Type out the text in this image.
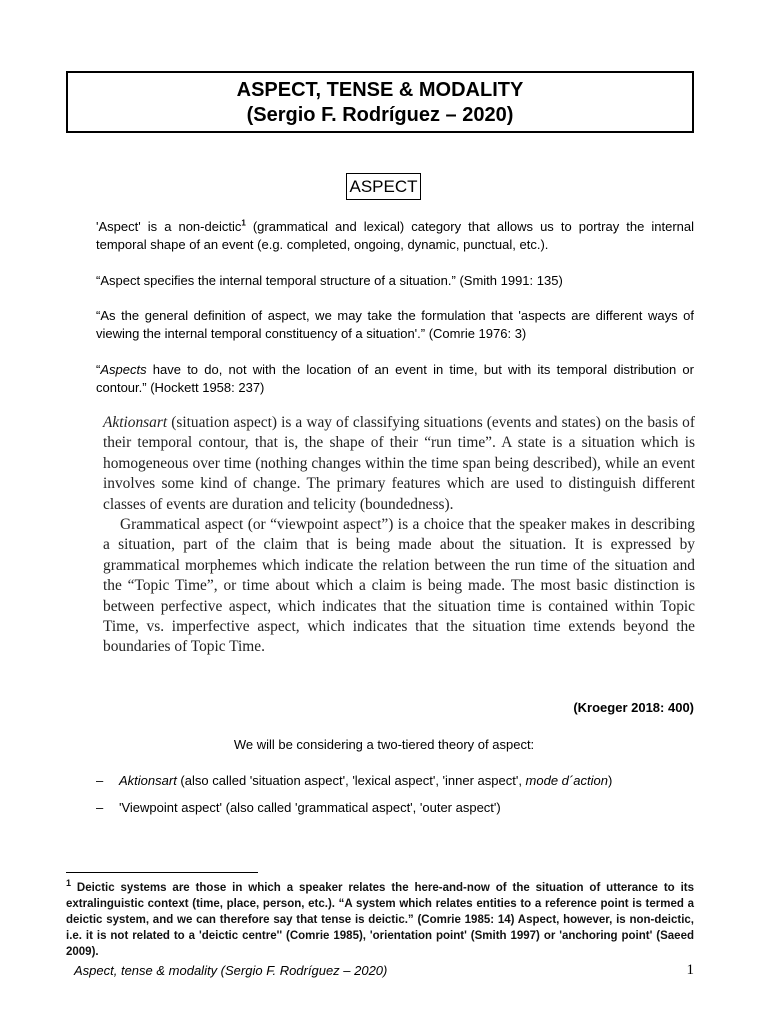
ASPECT, TENSE & MODALITY
(Sergio F. Rodríguez – 2020)
ASPECT
'Aspect' is a non-deictic$^1$ (grammatical and lexical) category that allows us to portray the internal temporal shape of an event (e.g. completed, ongoing, dynamic, punctual, etc.).
“Aspect specifies the internal temporal structure of a situation.” (Smith 1991: 135)
“As the general definition of aspect, we may take the formulation that 'aspects are different ways of viewing the internal temporal constituency of a situation'.” (Comrie 1976: 3)
“Aspects have to do, not with the location of an event in time, but with its temporal distribution or contour.” (Hockett 1958: 237)

Aktionsart (situation aspect) is a way of classifying situations (events and states) on the basis of their temporal contour, that is, the shape of their “run time”. A state is a situation which is homogeneous over time (nothing changes within the time span being described), while an event involves some kind of change. The primary features which are used to distinguish different classes of events are duration and telicity (boundedness).

Grammatical aspect (or “viewpoint aspect”) is a choice that the speaker makes in describing a situation, part of the claim that is being made about the situation. It is expressed by grammatical morphemes which indicate the relation between the run time of the situation and the “Topic Time”, or time about which a claim is being made. The most basic distinction is between perfective aspect, which indicates that the situation time is contained within Topic Time, vs. imperfective aspect, which indicates that the situation time extends beyond the boundaries of Topic Time.

(Kroeger 2018: 400)
We will be considering a two-tiered theory of aspect:
– Aktionsart (also called 'situation aspect', 'lexical aspect', 'inner aspect', mode d´action)
– 'Viewpoint aspect' (also called 'grammatical aspect', 'outer aspect')
$^1$ Deictic systems are those in which a speaker relates the here-and-now of the situation of utterance to its extralinguistic context (time, place, person, etc.). “A system which relates entities to a reference point is termed a deictic system, and we can therefore say that tense is deictic.” (Comrie 1985: 14) Aspect, however, is non-deictic, i.e. it is not related to a 'deictic centre'' (Comrie 1985), 'orientation point' (Smith 1997) or 'anchoring point' (Saeed 2009).
Aspect, tense & modality (Sergio F. Rodríguez – 2020)	1
